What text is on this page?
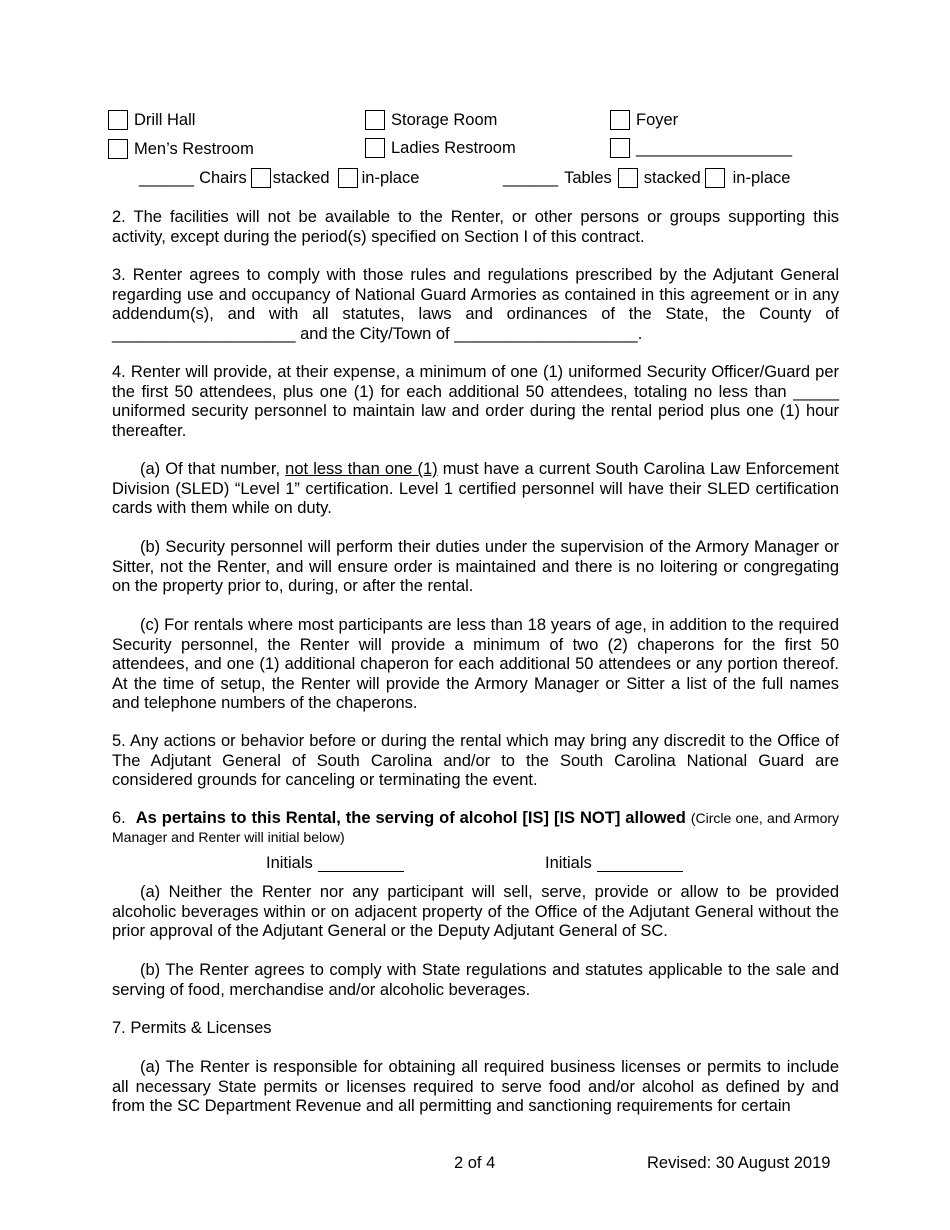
Drill Hall	Storage Room	Foyer
Men’s Restroom	Ladies Restroom	_________________
______ Chairs stacked in-place	______ Tables stacked in-place
2. The facilities will not be available to the Renter, or other persons or groups supporting this activity, except during the period(s) specified on Section I of this contract.
3. Renter agrees to comply with those rules and regulations prescribed by the Adjutant General regarding use and occupancy of National Guard Armories as contained in this agreement or in any addendum(s), and with all statutes, laws and ordinances of the State, the County of ____________________ and the City/Town of ____________________.
4. Renter will provide, at their expense, a minimum of one (1) uniformed Security Officer/Guard per the first 50 attendees, plus one (1) for each additional 50 attendees, totaling no less than _____ uniformed security personnel to maintain law and order during the rental period plus one (1) hour thereafter.
(a) Of that number, not less than one (1) must have a current South Carolina Law Enforcement Division (SLED) “Level 1” certification. Level 1 certified personnel will have their SLED certification cards with them while on duty.
(b) Security personnel will perform their duties under the supervision of the Armory Manager or Sitter, not the Renter, and will ensure order is maintained and there is no loitering or congregating on the property prior to, during, or after the rental.
(c) For rentals where most participants are less than 18 years of age, in addition to the required Security personnel, the Renter will provide a minimum of two (2) chaperons for the first 50 attendees, and one (1) additional chaperon for each additional 50 attendees or any portion thereof. At the time of setup, the Renter will provide the Armory Manager or Sitter a list of the full names and telephone numbers of the chaperons.
5. Any actions or behavior before or during the rental which may bring any discredit to the Office of The Adjutant General of South Carolina and/or to the South Carolina National Guard are considered grounds for canceling or terminating the event.
6. As pertains to this Rental, the serving of alcohol [IS] [IS NOT] allowed (Circle one, and Armory Manager and Renter will initial below)
Initials	Initials
(a) Neither the Renter nor any participant will sell, serve, provide or allow to be provided alcoholic beverages within or on adjacent property of the Office of the Adjutant General without the prior approval of the Adjutant General or the Deputy Adjutant General of SC.
(b) The Renter agrees to comply with State regulations and statutes applicable to the sale and serving of food, merchandise and/or alcoholic beverages.
7. Permits & Licenses
(a) The Renter is responsible for obtaining all required business licenses or permits to include all necessary State permits or licenses required to serve food and/or alcohol as defined by and from the SC Department Revenue and all permitting and sanctioning requirements for certain
2 of 4	Revised: 30 August 2019
